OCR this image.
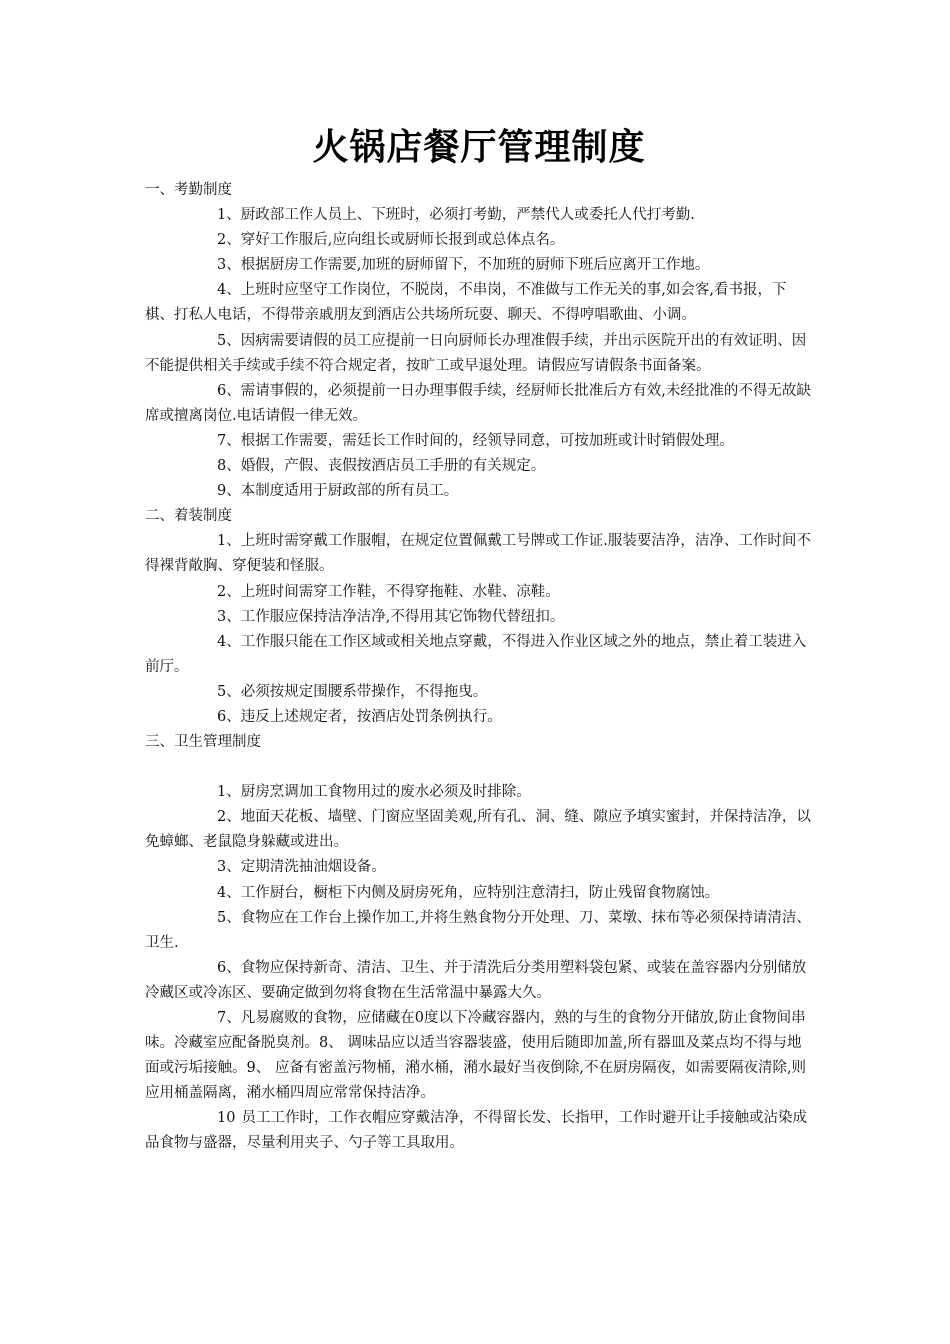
火锅店餐厅管理制度

一、考勤制度

1、厨政部工作人员上、下班时，必须打考勤，严禁代人或委托人代打考勤.

2、穿好工作服后,应向组长或厨师长报到或总体点名。

3、根据厨房工作需要,加班的厨师留下，不加班的厨师下班后应离开工作地。

4、上班时应坚守工作岗位，不脱岗，不串岗，不准做与工作无关的事,如会客,看书报，下棋、打私人电话，不得带亲戚朋友到酒店公共场所玩耍、聊天、不得哼唱歌曲、小调。

5、因病需要请假的员工应提前一日向厨师长办理准假手续，并出示医院开出的有效证明、因不能提供相关手续或手续不符合规定者，按旷工或早退处理。请假应写请假条书面备案。

6、需请事假的，必须提前一日办理事假手续，经厨师长批准后方有效,未经批准的不得无故缺席或擅离岗位.电话请假一律无效。

7、根据工作需要，需廷长工作时间的，经领导同意，可按加班或计时销假处理。

8、婚假，产假、丧假按酒店员工手册的有关规定。

9、本制度适用于厨政部的所有员工。

二、着装制度

1、上班时需穿戴工作服帽，在规定位置佩戴工号牌或工作证.服装要洁净，洁净、工作时间不得裸背敞胸、穿便装和怪服。

2、上班时间需穿工作鞋，不得穿拖鞋、水鞋、凉鞋。

3、工作服应保持洁净洁净,不得用其它饰物代替纽扣。

4、工作服只能在工作区域或相关地点穿戴，不得进入作业区域之外的地点，禁止着工装进入前厅。

5、必须按规定围腰系带操作，不得拖曳。

6、违反上述规定者，按酒店处罚条例执行。

三、卫生管理制度

1、厨房烹调加工食物用过的废水必须及时排除。

2、地面天花板、墙壁、门窗应坚固美观,所有孔、洞、缝、隙应予填实蜜封，并保持洁净，以免蟑螂、老鼠隐身躲藏或进出。

3、定期清洗抽油烟设备。

4、工作厨台，橱柜下内侧及厨房死角，应特别注意清扫，防止残留食物腐蚀。

5、食物应在工作台上操作加工,并将生熟食物分开处理、刀、菜墩、抹布等必须保持请清洁、卫生.

6、食物应保持新奇、清洁、卫生、并于清洗后分类用塑料袋包紧、或装在盖容器内分别储放冷藏区或冷冻区、要确定做到勿将食物在生活常温中暴露大久。

7、凡易腐败的食物，应储藏在0度以下冷藏容器内，熟的与生的食物分开储放,防止食物间串味。冷藏室应配备脱臭剂。8、 调味品应以适当容器装盛，使用后随即加盖,所有器皿及菜点均不得与地面或污垢接触。9、 应备有密盖污物桶，潲水桶，潲水最好当夜倒除,不在厨房隔夜，如需要隔夜清除,则应用桶盖隔离，潲水桶四周应常常保持洁净。

10 员工工作时，工作衣帽应穿戴洁净，不得留长发、长指甲，工作时避开让手接触或沾染成品食物与盛器，尽量利用夹子、勺子等工具取用。
